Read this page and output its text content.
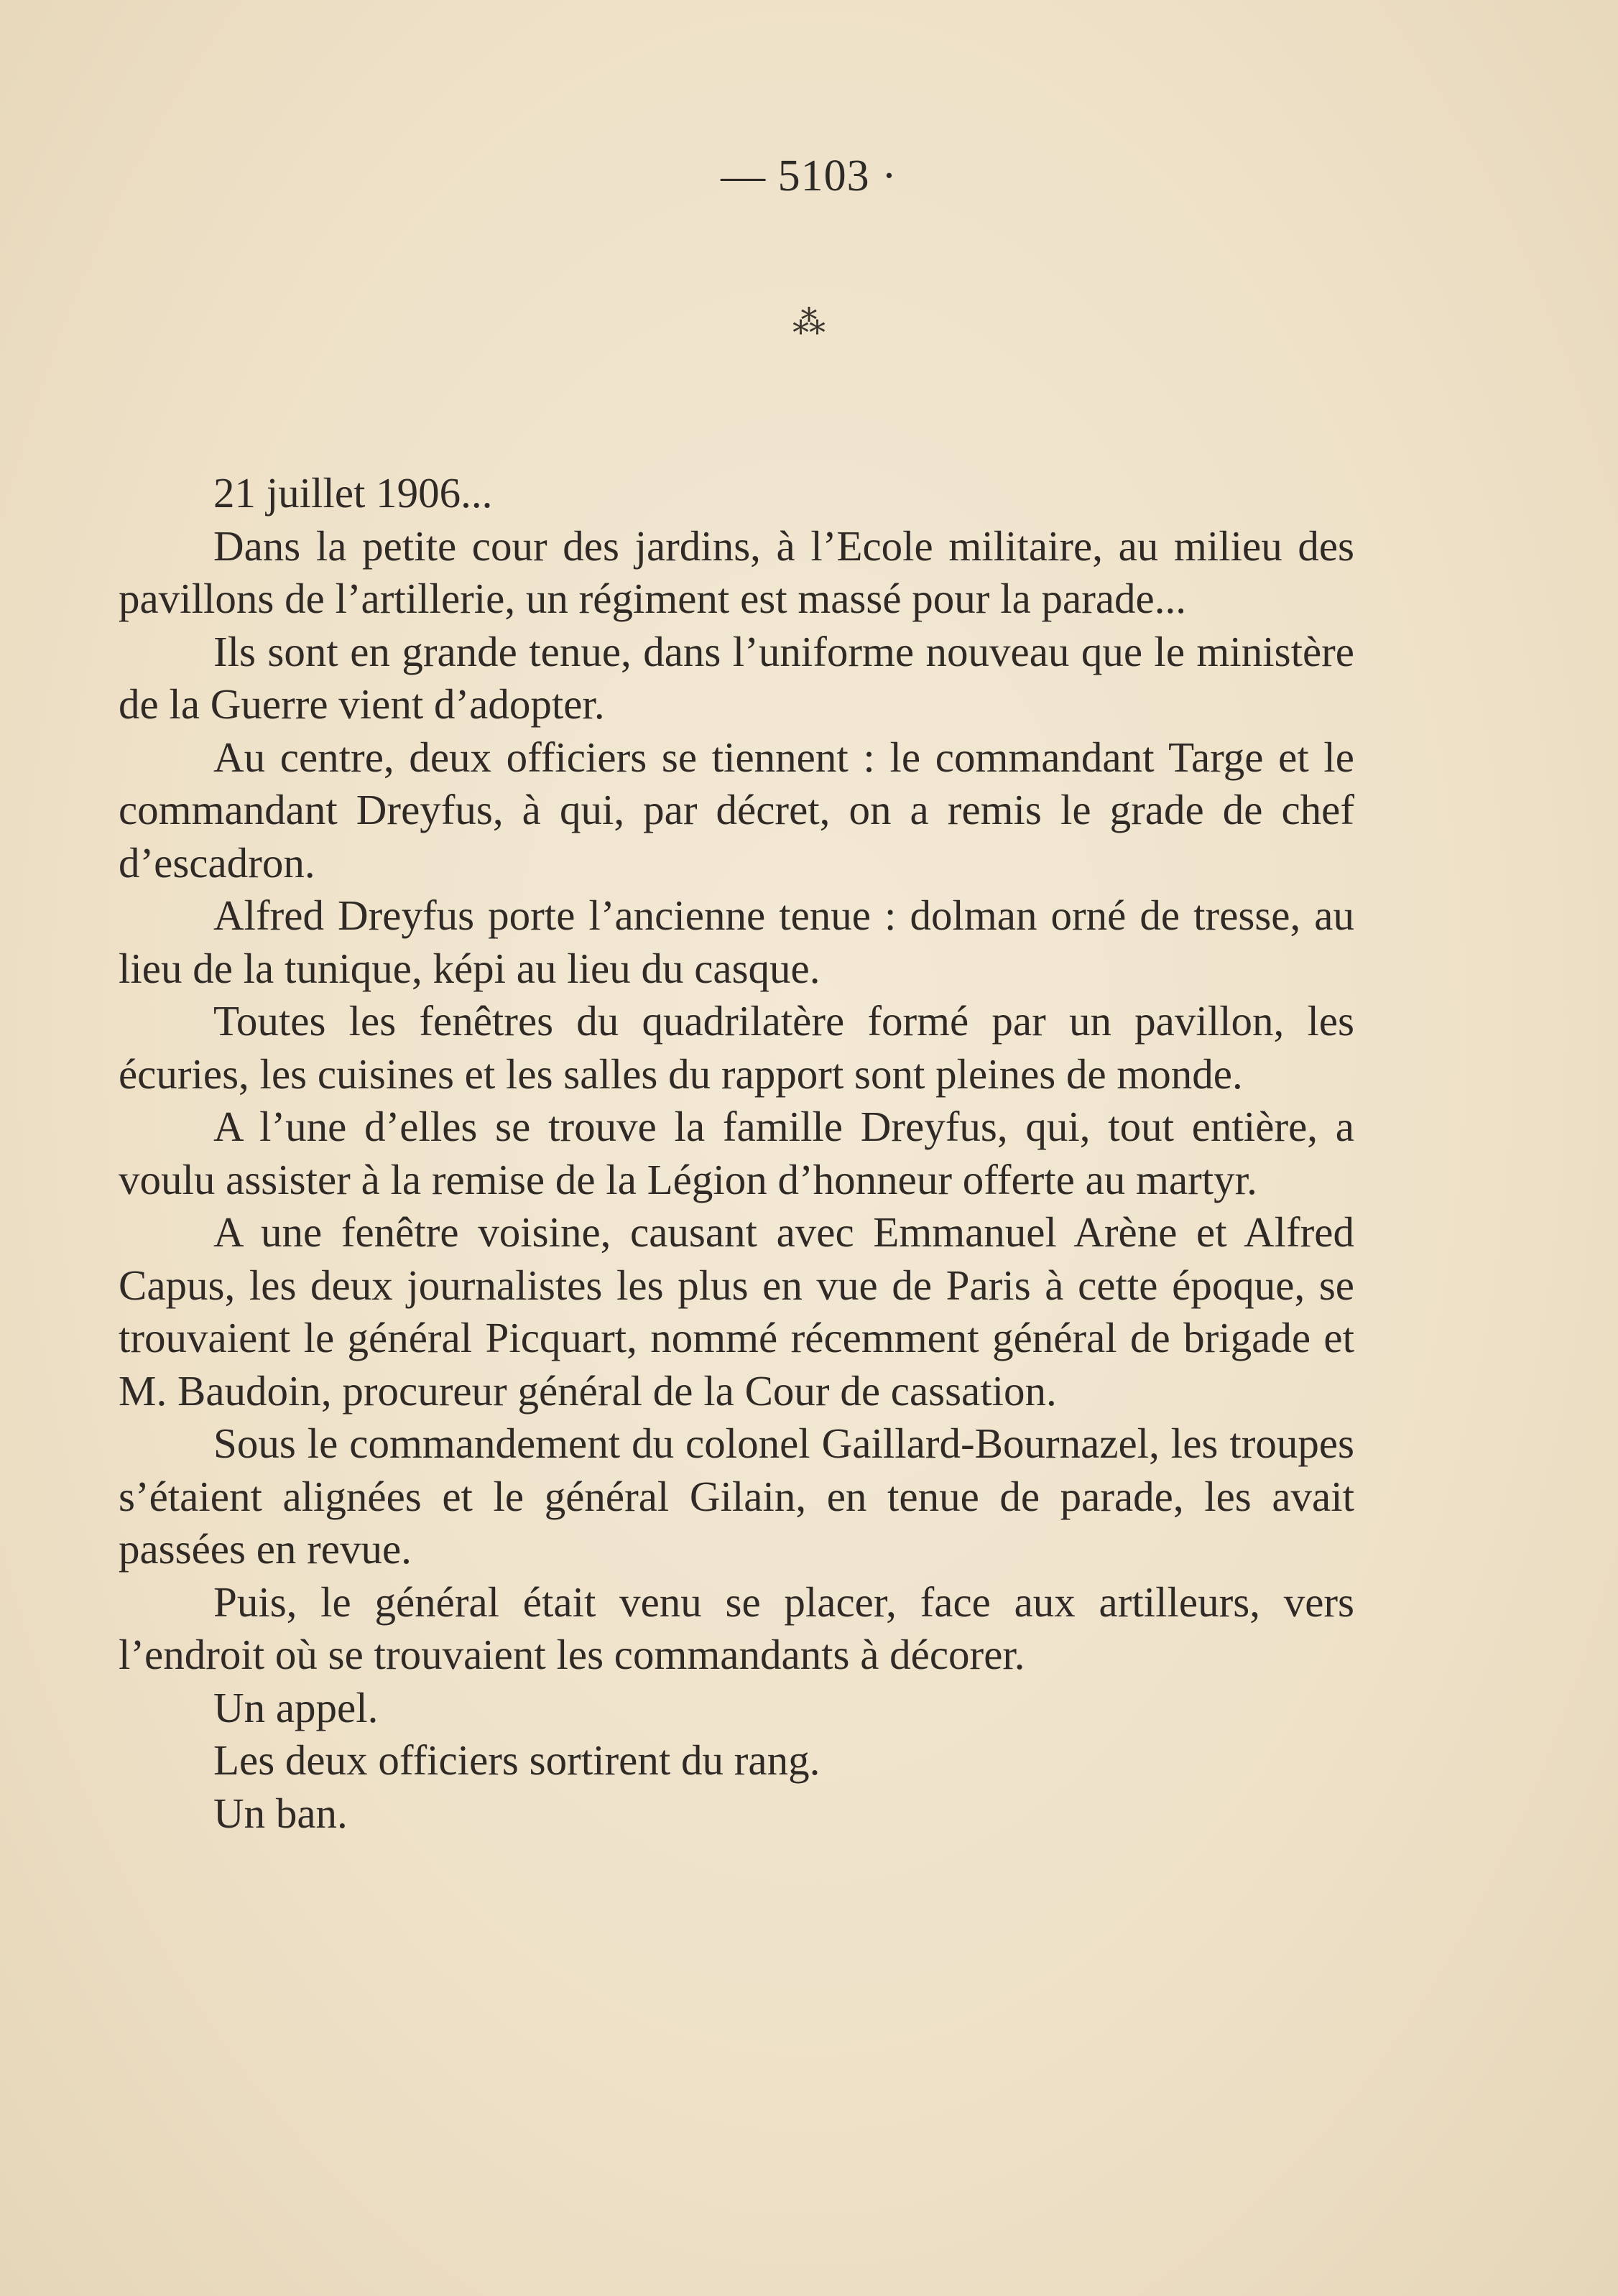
— 5103 ·
⁂

21 juillet 1906...

Dans la petite cour des jardins, à l’Ecole militaire, au milieu des pavillons de l’artillerie, un régiment est massé pour la parade...

Ils sont en grande tenue, dans l’uniforme nouveau que le ministère de la Guerre vient d’adopter.

Au centre, deux officiers se tiennent : le commandant Targe et le commandant Dreyfus, à qui, par décret, on a remis le grade de chef d’escadron.

Alfred Dreyfus porte l’ancienne tenue : dolman orné de tresse, au lieu de la tunique, képi au lieu du casque.

Toutes les fenêtres du quadrilatère formé par un pavillon, les écuries, les cuisines et les salles du rapport sont pleines de monde.

A l’une d’elles se trouve la famille Dreyfus, qui, tout entière, a voulu assister à la remise de la Légion d’honneur offerte au martyr.

A une fenêtre voisine, causant avec Emmanuel Arène et Alfred Capus, les deux journalistes les plus en vue de Paris à cette époque, se trouvaient le général Picquart, nommé récemment général de brigade et M. Baudoin, procureur général de la Cour de cassation.

Sous le commandement du colonel Gaillard-Bournazel, les troupes s’étaient alignées et le général Gilain, en tenue de parade, les avait passées en revue.

Puis, le général était venu se placer, face aux artilleurs, vers l’endroit où se trouvaient les commandants à décorer.

Un appel.

Les deux officiers sortirent du rang.

Un ban.
